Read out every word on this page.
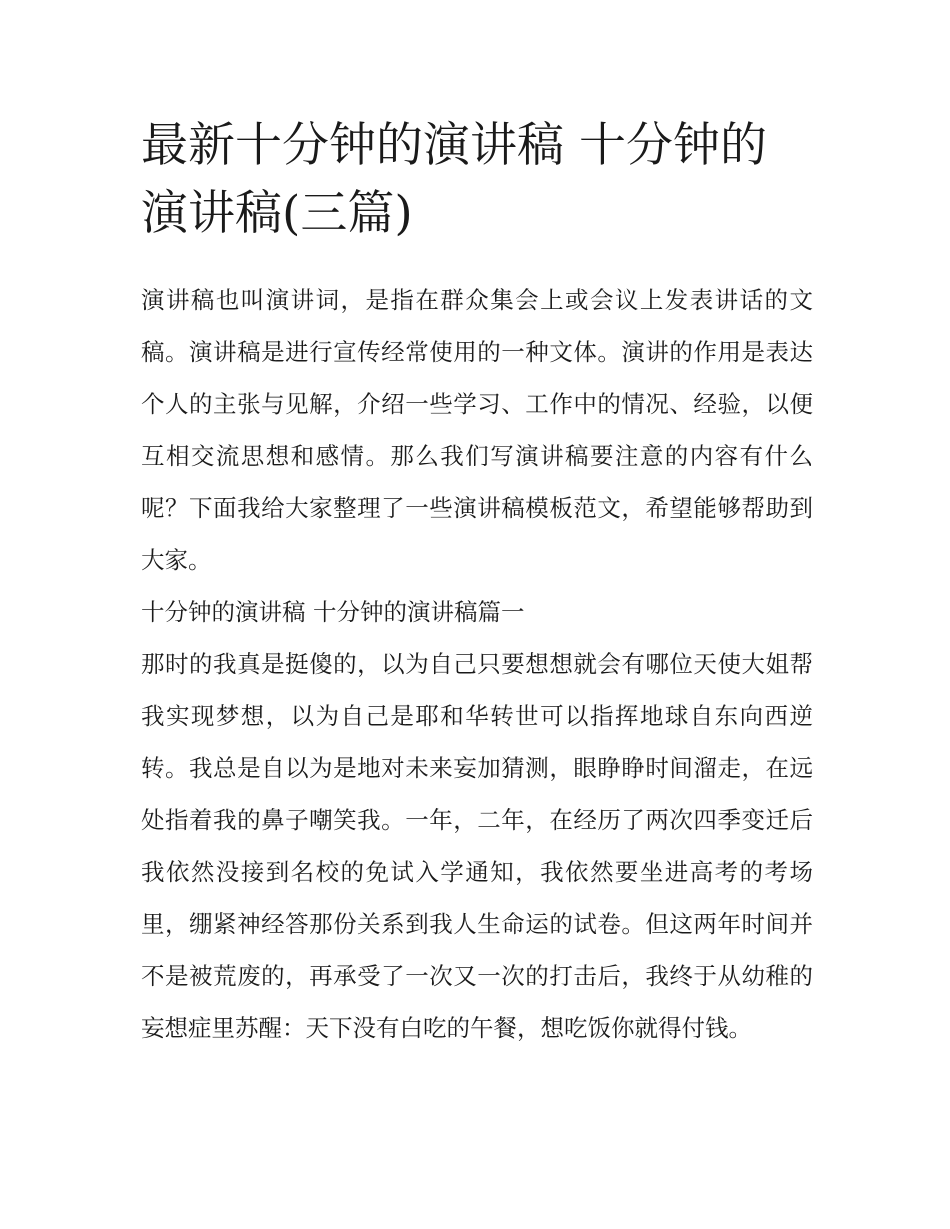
最新十分钟的演讲稿 十分钟的演讲稿(三篇)

演讲稿也叫演讲词，是指在群众集会上或会议上发表讲话的文稿。演讲稿是进行宣传经常使用的一种文体。演讲的作用是表达个人的主张与见解，介绍一些学习、工作中的情况、经验，以便互相交流思想和感情。那么我们写演讲稿要注意的内容有什么呢？下面我给大家整理了一些演讲稿模板范文，希望能够帮助到大家。

十分钟的演讲稿 十分钟的演讲稿篇一

那时的我真是挺傻的，以为自己只要想想就会有哪位天使大姐帮我实现梦想，以为自己是耶和华转世可以指挥地球自东向西逆转。我总是自以为是地对未来妄加猜测，眼睁睁时间溜走，在远处指着我的鼻子嘲笑我。一年，二年，在经历了两次四季变迁后我依然没接到名校的免试入学通知，我依然要坐进高考的考场里，绷紧神经答那份关系到我人生命运的试卷。但这两年时间并不是被荒废的，再承受了一次又一次的打击后，我终于从幼稚的妄想症里苏醒：天下没有白吃的午餐，想吃饭你就得付钱。
